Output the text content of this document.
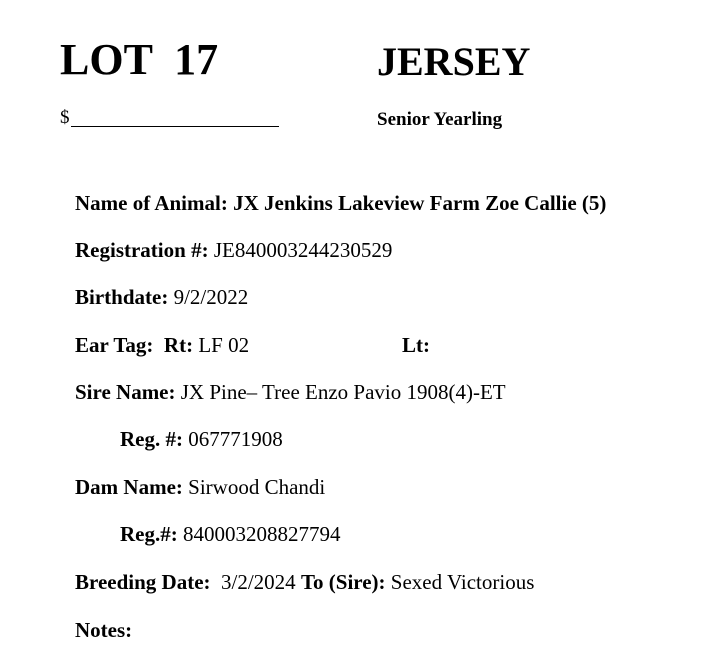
LOT  17	JERSEY
$	Senior Yearling
Name of Animal: JX Jenkins Lakeview Farm Zoe Callie (5)
Registration #: JE840003244230529
Birthdate: 9/2/2022
Ear Tag: Rt: LF 02	Lt:
Sire Name: JX Pine– Tree Enzo Pavio 1908(4)-ET
Reg. #: 067771908
Dam Name: Sirwood Chandi
Reg.#: 840003208827794
Breeding Date: 3/2/2024 To (Sire): Sexed Victorious
Notes:
